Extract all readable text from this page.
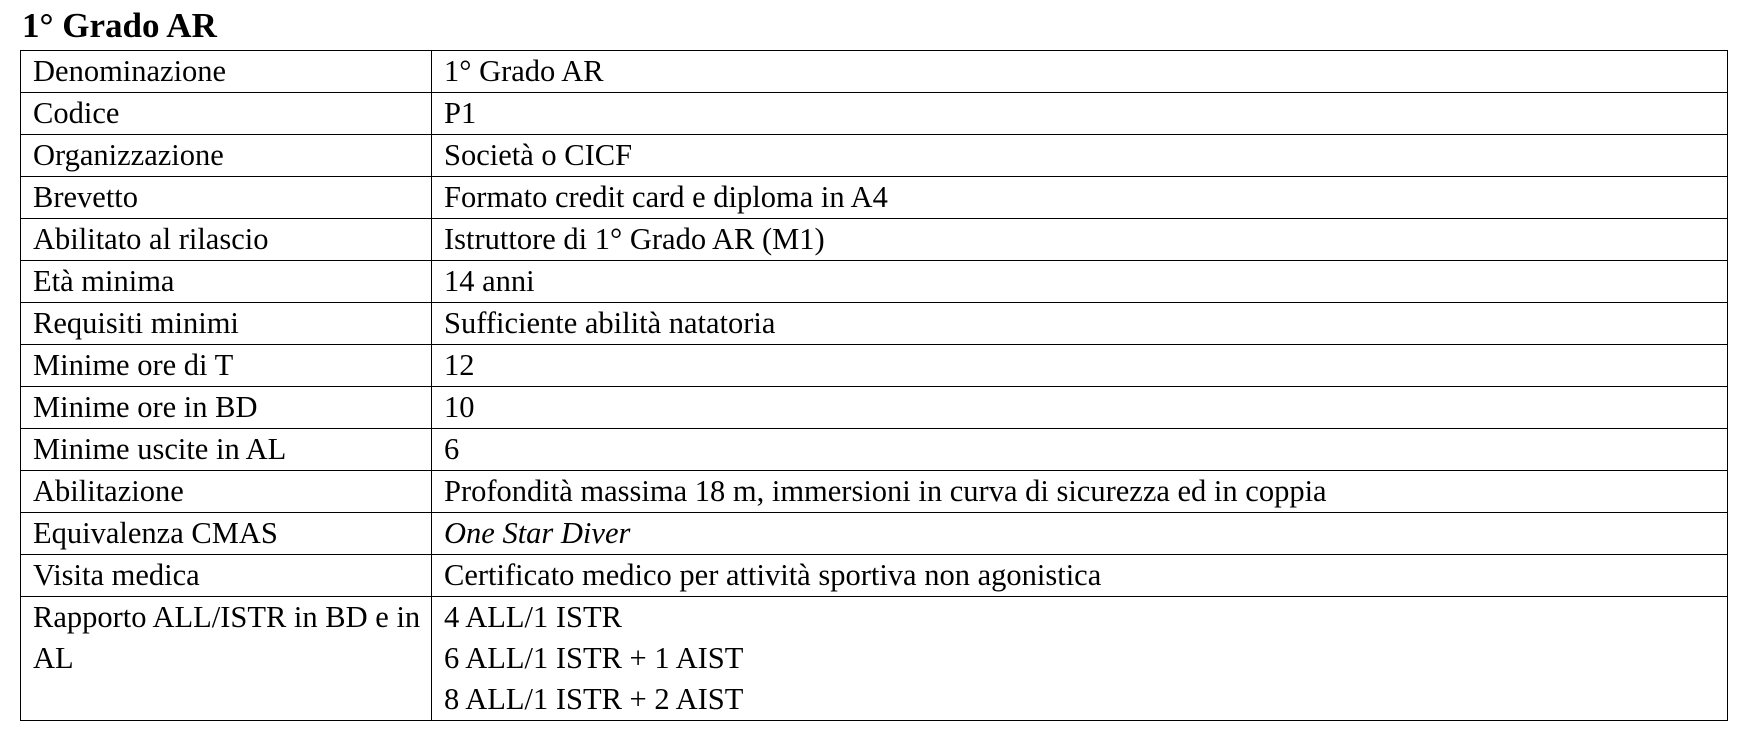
1° Grado AR
Denominazione	1° Grado AR
Codice	P1
Organizzazione	Società o CICF
Brevetto	Formato credit card e diploma in A4
Abilitato al rilascio	Istruttore di 1° Grado AR (M1)
Età minima	14 anni
Requisiti minimi	Sufficiente abilità natatoria
Minime ore di T	12
Minime ore in BD	10
Minime uscite in AL	6
Abilitazione	Profondità massima 18 m, immersioni in curva di sicurezza ed in coppia
Equivalenza CMAS	One Star Diver
Visita medica	Certificato medico per attività sportiva non agonistica
Rapporto ALL/ISTR in BD e in AL	4 ALL/1 ISTR
6 ALL/1 ISTR + 1 AIST
8 ALL/1 ISTR + 2 AIST
